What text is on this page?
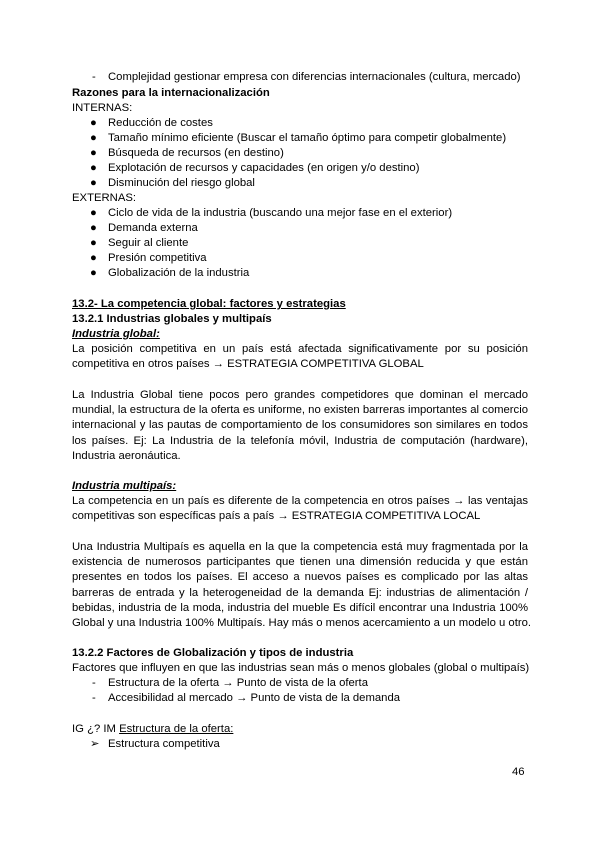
- Complejidad gestionar empresa con diferencias internacionales (cultura, mercado)
Razones para la internacionalización
INTERNAS:
● Reducción de costes
● Tamaño mínimo eficiente (Buscar el tamaño óptimo para competir globalmente)
● Búsqueda de recursos (en destino)
● Explotación de recursos y capacidades (en origen y/o destino)
● Disminución del riesgo global
EXTERNAS:
● Ciclo de vida de la industria (buscando una mejor fase en el exterior)
● Demanda externa
● Seguir al cliente
● Presión competitiva
● Globalización de la industria
13.2- La competencia global: factores y estrategias
13.2.1 Industrias globales y multipaís
Industria global:
La posición competitiva en un país está afectada significativamente por su posición
competitiva en otros países → ESTRATEGIA COMPETITIVA GLOBAL
La Industria Global tiene pocos pero grandes competidores que dominan el mercado
mundial, la estructura de la oferta es uniforme, no existen barreras importantes al comercio
internacional y las pautas de comportamiento de los consumidores son similares en todos
los países. Ej: La Industria de la telefonía móvil, Industria de computación (hardware),
Industria aeronáutica.
Industria multipaís:
La competencia en un país es diferente de la competencia en otros países → las ventajas
competitivas son específicas país a país → ESTRATEGIA COMPETITIVA LOCAL
Una Industria Multipaís es aquella en la que la competencia está muy fragmentada por la
existencia de numerosos participantes que tienen una dimensión reducida y que están
presentes en todos los países. El acceso a nuevos países es complicado por las altas
barreras de entrada y la heterogeneidad de la demanda Ej: industrias de alimentación /
bebidas, industria de la moda, industria del mueble Es difícil encontrar una Industria 100%
Global y una Industria 100% Multipaís. Hay más o menos acercamiento a un modelo u otro.
13.2.2 Factores de Globalización y tipos de industria
Factores que influyen en que las industrias sean más o menos globales (global o multipaís)
- Estructura de la oferta → Punto de vista de la oferta
- Accesibilidad al mercado → Punto de vista de la demanda
IG ¿? IM Estructura de la oferta:
➢ Estructura competitiva
46
